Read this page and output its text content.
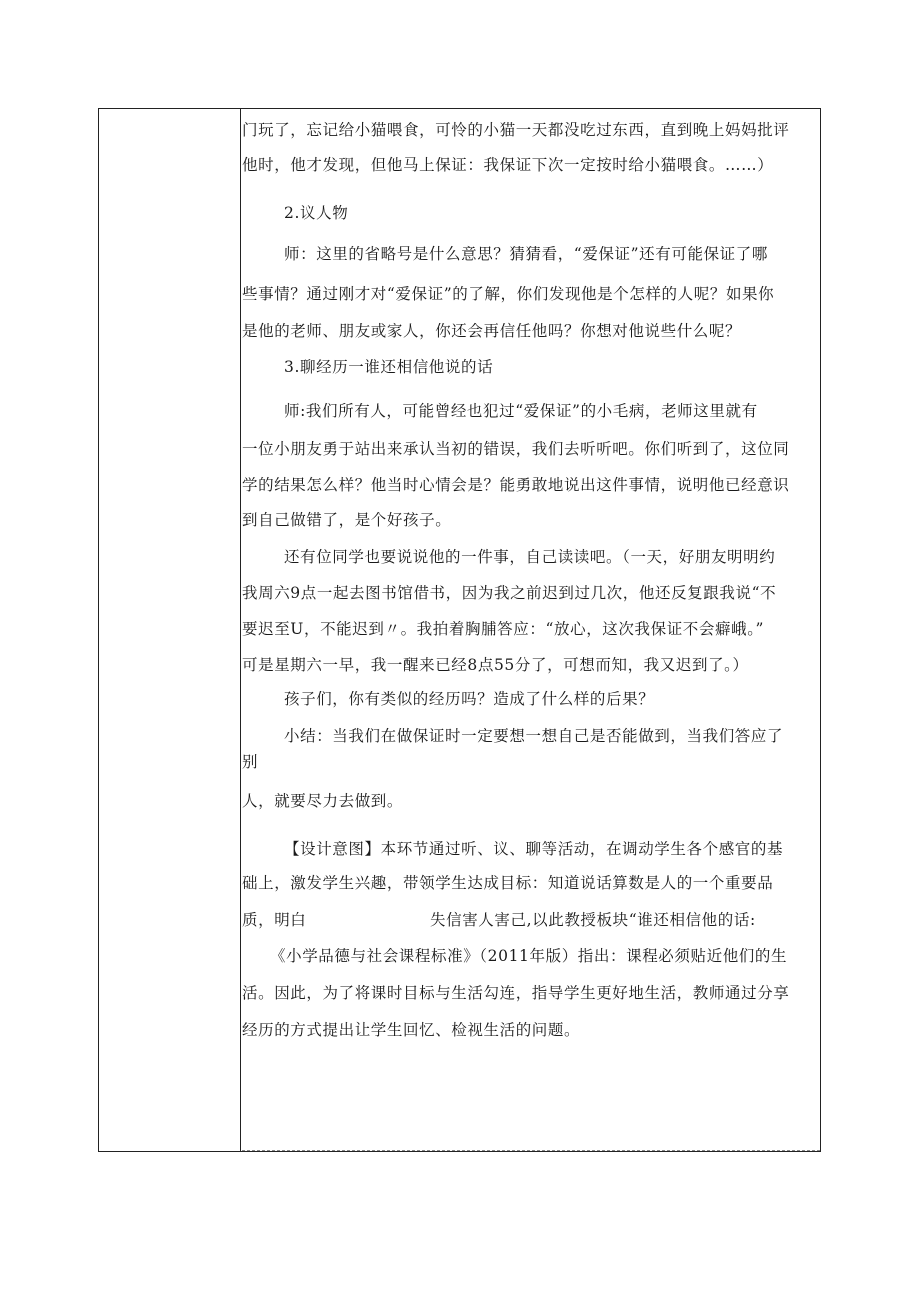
门玩了，忘记给小猫喂食，可怜的小猫一天都没吃过东西，直到晚上妈妈批评
他时，他才发现，但他马上保证：我保证下次一定按时给小猫喂食。……）
2.议人物
师：这里的省略号是什么意思？猜猜看，“爱保证”还有可能保证了哪
些事情？通过刚才对“爱保证”的了解，你们发现他是个怎样的人呢？如果你
是他的老师、朋友或家人，你还会再信任他吗？你想对他说些什么呢？
3.聊经历一谁还相信他说的话
师:我们所有人，可能曾经也犯过“爱保证”的小毛病，老师这里就有
一位小朋友勇于站出来承认当初的错误，我们去听听吧。你们听到了，这位同
学的结果怎么样？他当时心情会是？能勇敢地说出这件事情，说明他已经意识
到自己做错了，是个好孩子。
还有位同学也要说说他的一件事，自己读读吧。（一天，好朋友明明约
我周六9点一起去图书馆借书，因为我之前迟到过几次，他还反复跟我说“不
要迟至U，不能迟到〃。我拍着胸脯答应：“放心，这次我保证不会癖峨。”
可是星期六一早，我一醒来已经8点55分了，可想而知，我又迟到了。）
孩子们，你有类似的经历吗？造成了什么样的后果？
小结：当我们在做保证时一定要想一想自己是否能做到，当我们答应了
别
人，就要尽力去做到。
【设计意图】本环节通过听、议、聊等活动，在调动学生各个感官的基
础上，激发学生兴趣，带领学生达成目标：知道说话算数是人的一个重要品
质，明白	失信害人害己,以此教授板块“谁还相信他的话:
《小学品德与社会课程标准》（2011年版）指出：课程必须贴近他们的生
活。因此，为了将课时目标与生活勾连，指导学生更好地生活，教师通过分享
经历的方式提出让学生回忆、检视生活的问题。
